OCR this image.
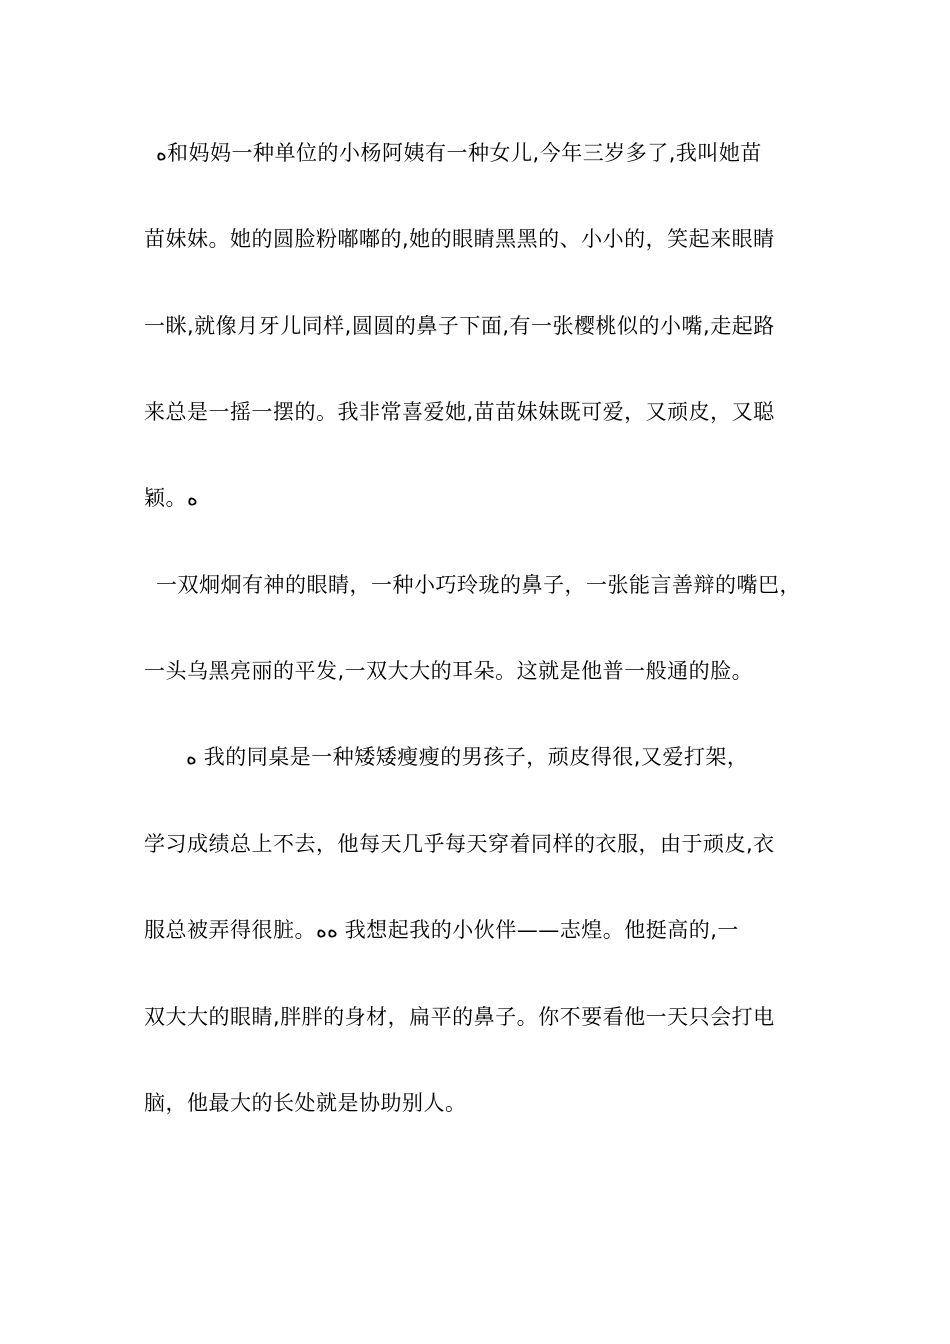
ﻩ和妈妈一种单位的小杨阿姨有一种女儿,今年三岁多了,我叫她苗
苗妹妹。她的圆脸粉嘟嘟的,她的眼睛黑黑的、小小的，笑起来眼睛
一眯,就像月牙儿同样,圆圆的鼻子下面,有一张樱桃似的小嘴,走起路
来总是一摇一摆的。我非常喜爱她,苗苗妹妹既可爱，又顽皮，又聪
颖。ﻩ
一双炯炯有神的眼睛，一种小巧玲珑的鼻子，一张能言善辩的嘴巴，
一头乌黑亮丽的平发,一双大大的耳朵。这就是他普一般通的脸。
ﻩ 我的同桌是一种矮矮瘦瘦的男孩子，顽皮得很,又爱打架，
学习成绩总上不去，他每天几乎每天穿着同样的衣服，由于顽皮,衣
服总被弄得很脏。ﻩﻩ 我想起我的小伙伴——志煌。他挺高的,一
双大大的眼睛,胖胖的身材，扁平的鼻子。你不要看他一天只会打电
脑，他最大的长处就是协助别人。
